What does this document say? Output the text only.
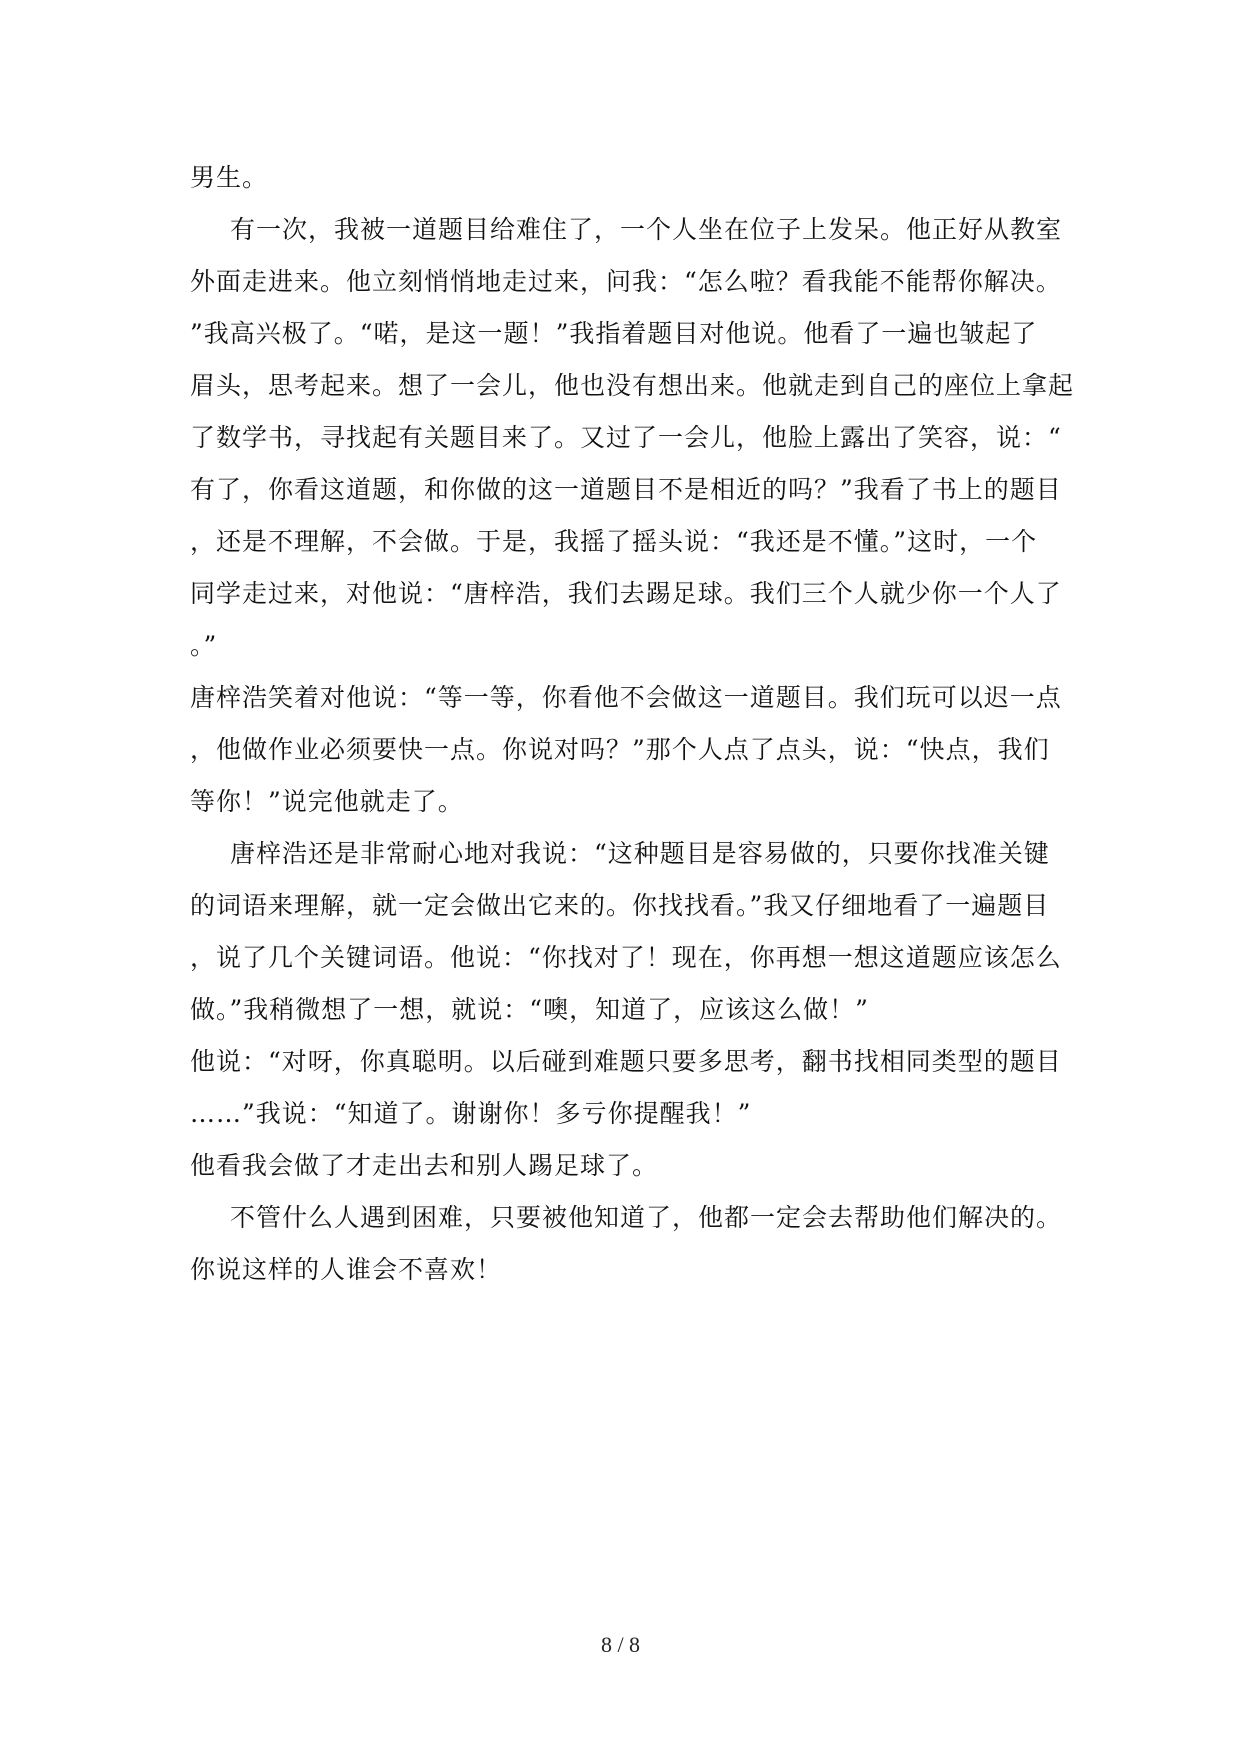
男生。
有一次，我被一道题目给难住了，一个人坐在位子上发呆。他正好从教室
外面走进来。他立刻悄悄地走过来，问我：“怎么啦？看我能不能帮你解决。
”我高兴极了。“喏，是这一题！”我指着题目对他说。他看了一遍也皱起了
眉头，思考起来。想了一会儿，他也没有想出来。他就走到自己的座位上拿起
了数学书，寻找起有关题目来了。又过了一会儿，他脸上露出了笑容，说：“
有了，你看这道题，和你做的这一道题目不是相近的吗？”我看了书上的题目
，还是不理解，不会做。于是，我摇了摇头说：“我还是不懂。”这时，一个
同学走过来，对他说：“唐梓浩，我们去踢足球。我们三个人就少你一个人了
。”
唐梓浩笑着对他说：“等一等，你看他不会做这一道题目。我们玩可以迟一点
，他做作业必须要快一点。你说对吗？”那个人点了点头，说：“快点，我们
等你！”说完他就走了。
唐梓浩还是非常耐心地对我说：“这种题目是容易做的，只要你找准关键
的词语来理解，就一定会做出它来的。你找找看。”我又仔细地看了一遍题目
，说了几个关键词语。他说：“你找对了！现在，你再想一想这道题应该怎么
做。”我稍微想了一想，就说：“噢，知道了，应该这么做！”
他说：“对呀，你真聪明。以后碰到难题只要多思考，翻书找相同类型的题目
……”我说：“知道了。谢谢你！多亏你提醒我！”
他看我会做了才走出去和别人踢足球了。
不管什么人遇到困难，只要被他知道了，他都一定会去帮助他们解决的。
你说这样的人谁会不喜欢！
8 / 8
